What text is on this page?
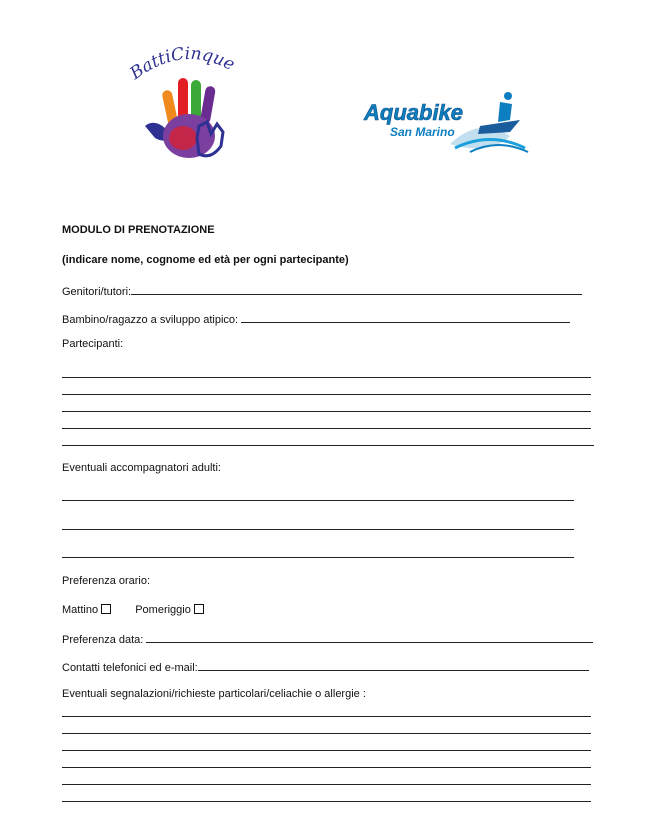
BattiCinque
Aquabike
San Marino
MODULO DI PRENOTAZIONE
(indicare nome, cognome ed età per ogni partecipante)
Genitori/tutori:
Bambino/ragazzo a sviluppo atipico:
Partecipanti:
Eventuali accompagnatori adulti:
Preferenza orario:
Mattino	Pomeriggio
Preferenza data:
Contatti telefonici ed e-mail:
Eventuali segnalazioni/richieste particolari/celiachie o allergie :
